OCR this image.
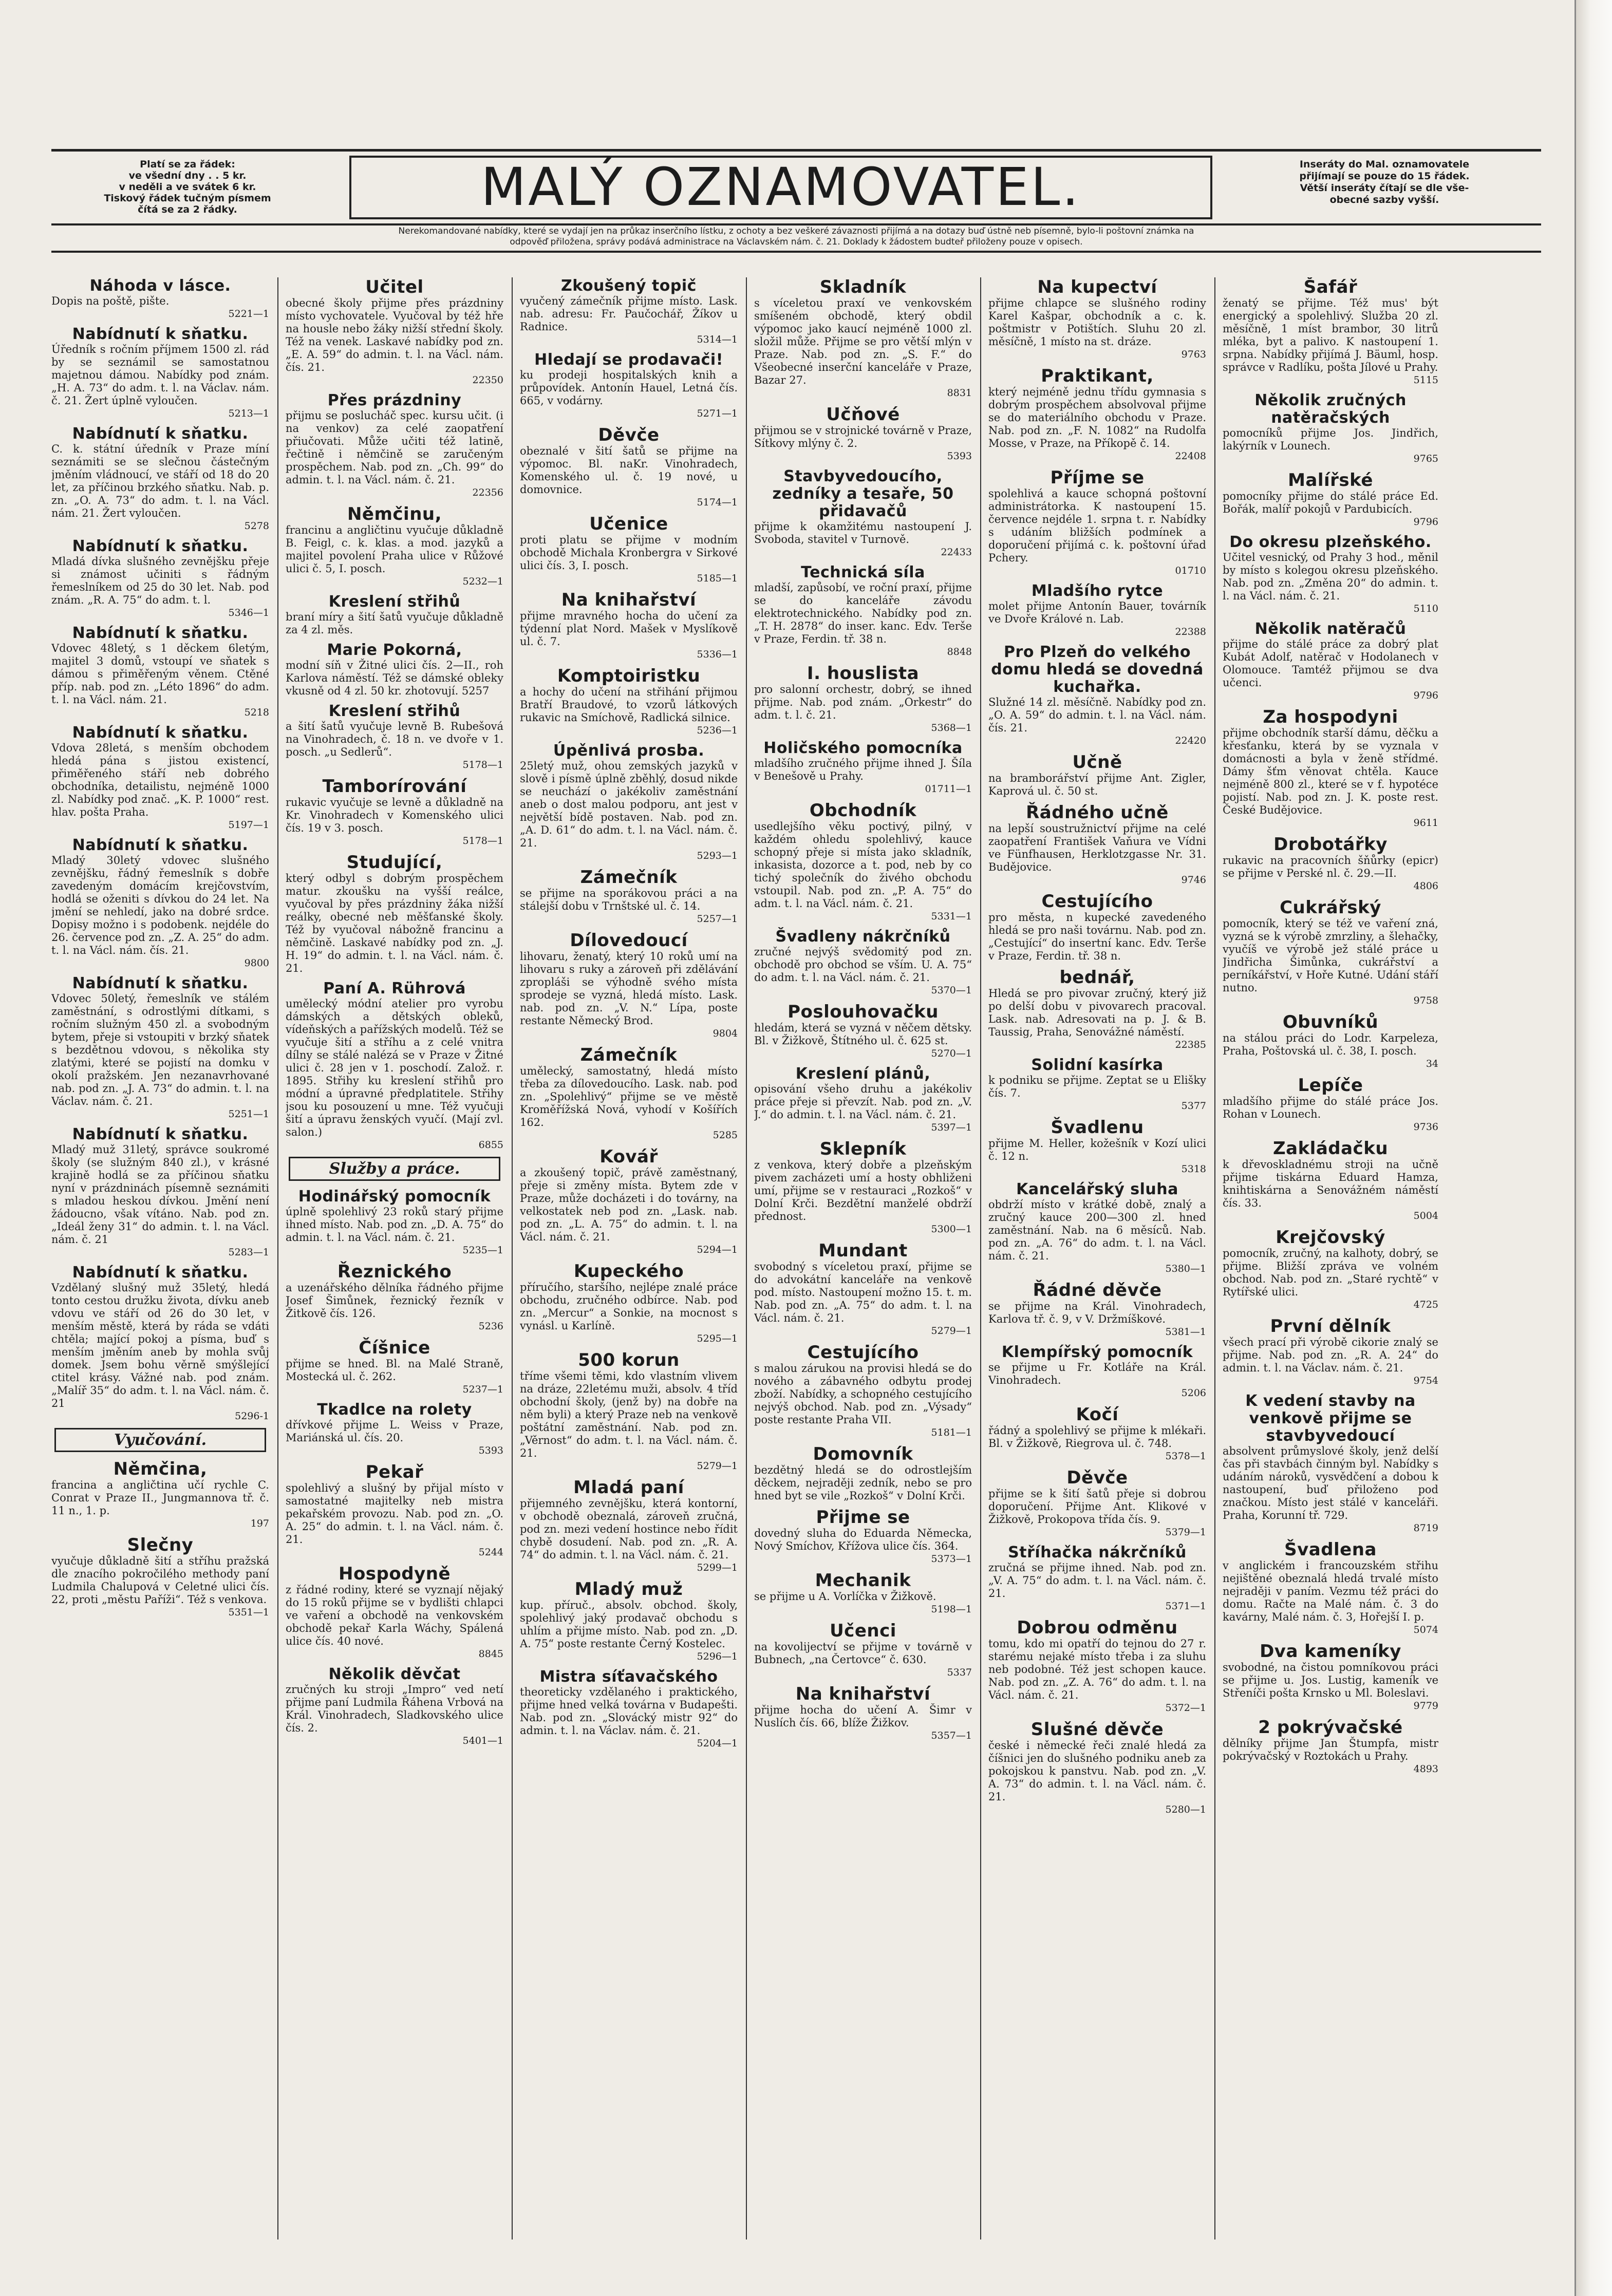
Platí se za řádek:
ve všední dny . . 5 kr.
v neděli a ve svátek 6 kr.
Tiskový řádek tučným písmem
čítá se za 2 řádky.	MALÝ OZNAMOVATEL.	Inseráty do Mal. oznamovatele
přijímají se pouze do 15 řádek.
Větší inseráty čítají se dle vše-
obecné sazby vyšší.
Nerekomandované nabídky, které se vydají jen na průkaz inserčního lístku, z ochoty a bez veškeré závaznosti přijímá a na dotazy buď ústně neb písemně, bylo-li poštovní známka na
odpověď přiložena, správy podává administrace na Václavském nám. č. 21. Doklady k žádostem budteř přiloženy pouze v opisech.
Náhoda v lásce.

Dopis na poště, pište.

5221—1
Nabídnutí k sňatku.

Úředník s ročním příjmem 1500 zl. rád by se seznámil se samostatnou majetnou dámou. Nabídky pod znám. „H. A. 73“ do adm. t. l. na Václav. nám. č. 21. Žert úplně vyloučen.

5213—1
Nabídnutí k sňatku.

C. k. státní úředník v Praze míní seznámiti se se slečnou částečným jměním vládnoucí, ve stáří od 18 do 20 let, za příčinou brzkého sňatku. Nab. p. zn. „O. A. 73“ do adm. t. l. na Václ. nám. 21. Žert vyloučen.

5278
Nabídnutí k sňatku.

Mladá dívka slušného zevnějšku přeje si známost učiniti s řádným řemeslníkem od 25 do 30 let. Nab. pod znám. „R. A. 75“ do adm. t. l.

5346—1
Nabídnutí k sňatku.

Vdovec 48letý, s 1 děckem 6letým, majitel 3 domů, vstoupí ve sňatek s dámou s přiměřeným věnem. Ctěné příp. nab. pod zn. „Léto 1896“ do adm. t. l. na Václ. nám. 21.

5218
Nabídnutí k sňatku.

Vdova 28letá, s menším obchodem hledá pána s jistou existencí, přiměřeného stáří neb dobrého obchodníka, detailistu, nejméně 1000 zl. Nabídky pod znač. „K. P. 1000“ rest. hlav. pošta Praha.

5197—1
Nabídnutí k sňatku.

Mladý 30letý vdovec slušného zevnějšku, řádný řemeslník s dobře zavedeným domácím krejčovstvím, hodlá se oženiti s dívkou do 24 let. Na jmění se nehledí, jako na dobré srdce. Dopisy možno i s podobenk. nejdéle do 26. července pod zn. „Z. A. 25“ do adm. t. l. na Václ. nám. čís. 21.

9800
Nabídnutí k sňatku.

Vdovec 50letý, řemeslník ve stálém zaměstnání, s odrostlými dítkami, s ročním služným 450 zl. a svobodným bytem, přeje si vstoupiti v brzký sňatek s bezdětnou vdovou, s několika sty zlatými, které se pojistí na domku v okolí pražském. Jen nezanavrhované nab. pod zn. „J. A. 73“ do admin. t. l. na Václav. nám. č. 21.

5251—1
Nabídnutí k sňatku.

Mladý muž 31letý, správce soukromé školy (se služným 840 zl.), v krásné krajině hodlá se za příčinou sňatku nyní v prázdninách písemně seznámiti s mladou heskou dívkou. Jmění není žádoucno, však vítáno. Nab. pod zn. „Ideál ženy 31“ do admin. t. l. na Václ. nám. č. 21

5283—1
Nabídnutí k sňatku.

Vzdělaný slušný muž 35letý, hledá tonto cestou družku života, dívku aneb vdovu ve stáří od 26 do 30 let, v menším městě, která by ráda se vdáti chtěla; mající pokoj a písma, buď s menším jměním aneb by mohla svůj domek. Jsem bohu věrně smýšlející ctitel krásy. Vážné nab. pod znám. „Malíř 35“ do adm. t. l. na Václ. nám. č. 21

5296-1
Vyučování.
Němčina,

francina a angličtina učí rychle C. Conrat v Praze II., Jungmannova tř. č. 11 n., 1. p.

197
Slečny

vyučuje důkladně šití a stříhu pražská dle znacího pokročilého methody paní Ludmila Chalupová v Celetné ulici čís. 22, proti „městu Paříži“. Též s venkova.

5351—1
Učitel

obecné školy přijme přes prázdniny místo vychovatele. Vyučoval by též hře na housle nebo žáky nižší střední školy. Též na venek. Laskavé nabídky pod zn. „E. A. 59“ do admin. t. l. na Václ. nám. čís. 21.

22350
Přes prázdniny

přijmu se poslucháč spec. kursu učit. (i na venkov) za celé zaopatření přiučovati. Může učiti též latině, řečtině i němčině se zaručeným prospěchem. Nab. pod zn. „Ch. 99“ do admin. t. l. na Václ. nám. č. 21.

22356
Němčinu,

francinu a angličtinu vyučuje důkladně B. Feigl, c. k. klas. a mod. jazyků a majitel povolení Praha ulice v Růžové ulici č. 5, I. posch.

5232—1
Kreslení střihů

braní míry a šití šatů vyučuje důkladně za 4 zl. měs.

Marie Pokorná,

modní síň v Žitné ulici čís. 2—II., roh Karlova náměstí. Též se dámské obleky vkusně od 4 zl. 50 kr. zhotovují. 5257

Kreslení střihů

a šití šatů vyučuje levně B. Rubešová na Vinohradech, č. 18 n. ve dvoře v 1. posch. „u Sedlerů“.

5178—1
Tamborírování

rukavic vyučuje se levně a důkladně na Kr. Vinohradech v Komenského ulici čís. 19 v 3. posch.

5178—1
Studující,

který odbyl s dobrým prospěchem matur. zkoušku na vyšší reálce, vyučoval by přes prázdniny žáka nižší reálky, obecné neb měšťanské školy. Též by vyučoval nábožně francinu a němčině. Laskavé nabídky pod zn. „J. H. 19“ do admin. t. l. na Václ. nám. č. 21.

Paní A. Rührová

umělecký módní atelier pro vyrobu dámských a dětských obleků, vídeňských a pařížských modelů. Též se vyučuje šití a stříhu a z celé vnitra dílny se stálé nalézá se v Praze v Žitné ulici č. 28 jen v 1. poschodí. Založ. r. 1895. Střihy ku kreslení střihů pro módní a úpravné předplatitele. Střihy jsou ku posouzení u mne. Též vyučuji šití a úpravu ženských vyučí. (Mají zvl. salon.)

6855
Služby a práce.
Hodinářský pomocník

úplně spolehlivý 23 roků starý přijme ihned místo. Nab. pod zn. „D. A. 75“ do admin. t. l. na Václ. nám. č. 21.

5235—1
Řeznického

a uzenářského dělníka řádného přijme Josef Šimůnek, řeznický řezník v Žitkově čís. 126.

5236
Číšnice

přijme se hned. Bl. na Malé Straně, Mostecká ul. č. 262.

5237—1
Tkadlce na rolety

dřívkové přijme L. Weiss v Praze, Mariánská ul. čís. 20.

5393
Pekař

spolehlivý a slušný by přijal místo v samostatné majitelky neb mistra pekařském provozu. Nab. pod zn. „O. A. 25“ do admin. t. l. na Václ. nám. č. 21.

5244
Hospodyně

z řádné rodiny, které se vyznají nějaký do 15 roků přijme se v bydlišti chlapci ve vaření a obchodě na venkovském obchodě pekař Karla Wáchy, Spálená ulice čís. 40 nové.

8845
Několik děvčat

zručných ku stroji „Impro“ ved netí přijme paní Ludmila Řáhena Vrbová na Král. Vinohradech, Sladkovského ulice čís. 2.

5401—1
Zkoušený topič

vyučený zámečník přijme místo. Lask. nab. adresu: Fr. Paučochář, Žíkov u Radnice.

5314—1
Hledají se prodavači!

ku prodeji hospitalských knih a průpovídek. Antonín Hauel, Letná čís. 665, v vodárny.

5271—1
Děvče

obeznalé v šití šatů se přijme na výpomoc. Bl. naKr. Vinohradech, Komenského ul. č. 19 nové, u domovnice.

5174—1
Učenice

proti platu se přijme v modním obchodě Michala Kronbergra v Sirkové ulici čís. 3, I. posch.

5185—1
Na knihařství

přijme mravného hocha do učení za týdenní plat Nord. Mašek v Myslíkově ul. č. 7.

5336—1
Komptoiristku

a hochy do učení na střihání přijmou Bratří Braudové, to vzorů látkových rukavic na Smíchově, Radlická silnice.

5236—1
Úpěnlivá prosba.

25letý muž, ohou zemských jazyků v slově i písmě úplně zběhlý, dosud nikde se neuchází o jakékoliv zaměstnání aneb o dost malou podporu, ant jest v největší bídě postaven. Nab. pod zn. „A. D. 61“ do adm. t. l. na Václ. nám. č. 21.

5293—1
Zámečník

se přijme na sporákovou práci a na stálejší dobu v Trnštské ul. č. 14.

5257—1
Dílovedoucí

lihovaru, ženatý, který 10 roků umí na lihovaru s ruky a zároveň při zdělávání zpropláši se výhodně svého místa sprodeje se vyzná, hledá místo. Lask. nab. pod zn. „V. N.“ Lípa, poste restante Německý Brod.

9804
Zámečník

umělecký, samostatný, hledá místo třeba za dílovedoucího. Lask. nab. pod zn. „Spolehlivý“ přijme se ve městě Kroměřížská Nová, vyhodí v Košířích 162.

5285
Kovář

a zkoušený topič, právě zaměstnaný, přeje si změny místa. Bytem zde v Praze, může docházeti i do továrny, na velkostatek neb pod zn. „Lask. nab. pod zn. „L. A. 75“ do admin. t. l. na Václ. nám. č. 21.

5294—1
Kupeckého

příručího, staršího, nejlépe znalé práce obchodu, zručného odbírce. Nab. pod zn. „Mercur“ a Sonkie, na mocnost s vynásl. u Karlíně.

5295—1
500 korun

tříme všemi těmi, kdo vlastním vlivem na dráze, 22letému muži, absolv. 4 tříd obchodní školy, (jenž by) na dobře na něm byli) a který Praze neb na venkově poštátní zaměstnání. Nab. pod zn. „Věrnost“ do adm. t. l. na Václ. nám. č. 21.

5279—1
Mladá paní

přijemného zevnějšku, která kontorní, v obchodě obeznalá, zároveň zručná, pod zn. mezi vedení hostince nebo řídit chybě dosudení. Nab. pod zn. „R. A. 74“ do admin. t. l. na Václ. nám. č. 21.

5299—1
Mladý muž

kup. příruč., absolv. obchod. školy, spolehlivý jaký prodavač obchodu s uhlím a přijme místo. Nab. pod zn. „D. A. 75“ poste restante Černý Kostelec.

5296—1
Mistra síťavačského

theoreticky vzdělaného i praktického, přijme hned velká továrna v Budapešti. Nab. pod zn. „Slovácký mistr 92“ do admin. t. l. na Václav. nám. č. 21.

5204—1
Skladník

s víceletou praxí ve venkovském smíšeném obchodě, který obdil výpomoc jako kaucí nejméně 1000 zl. složil může. Přijme se pro větší mlýn v Praze. Nab. pod zn. „S. F.“ do Všeobecné inserční kanceláře v Praze, Bazar 27.

8831
Učňové

přijmou se v strojnické továrně v Praze, Sítkovy mlýny č. 2.

5393
Stavbyvedoucího, zedníky a tesaře, 50 přidavačů

přijme k okamžitému nastoupení J. Svoboda, stavitel v Turnově.

22433
Technická síla

mladší, zapůsobí, ve roční praxí, přijme se do kanceláře závodu elektrotechnického. Nabídky pod zn. „T. H. 2878“ do inser. kanc. Edv. Terše v Praze, Ferdin. tř. 38 n.

8848
I. houslista

pro salonní orchestr, dobrý, se ihned přijme. Nab. pod znám. „Orkestr“ do adm. t. l. č. 21.

5368—1
Holičského pomocníka

mladšího zručného přijme ihned J. Šíla v Benešově u Prahy.

01711—1
Obchodník

usedlejšího věku poctivý, pilný, v každém ohledu spolehlivý, kauce schopný přeje si místa jako skladník, inkasista, dozorce a t. pod, neb by co tichý společník do živého obchodu vstoupil. Nab. pod zn. „P. A. 75“ do adm. t. l. na Václ. nám. č. 21.

5331—1
Švadleny nákrčníků

zručné nejvýš svědomitý pod zn. obchodě pro obchod se vším. U. A. 75“ do adm. t. l. na Václ. nám. č. 21.

5370—1
Poslouhovačku

hledám, která se vyzná v něčem dětsky. Bl. v Žižkově, Štítného ul. č. 625 st.

5270—1
Kreslení plánů,

opisování všeho druhu a jakékoliv práce přeje si převzít. Nab. pod zn. „V. J.“ do admin. t. l. na Václ. nám. č. 21.

5397—1
Sklepník

z venkova, který dobře a plzeňským pivem zacházeti umí a hosty obhliženi umí, přijme se v restauraci „Rozkoš“ v Dolní Krči. Bezdětní manželé obdrží přednost.

5300—1
Mundant

svobodný s víceletou praxí, přijme se do advokátní kanceláře na venkově pod. místo. Nastoupení možno 15. t. m. Nab. pod zn. „A. 75“ do adm. t. l. na Václ. nám. č. 21.

5279—1
Cestujícího

s malou zárukou na provisi hledá se do nového a zábavného odbytu prodej zboží. Nabídky, a schopného cestujícího nejvýš obchod. Nab. pod zn. „Výsady“ poste restante Praha VII.

5181—1
Domovník

bezdětný hledá se do odrostlejším děckem, nejraději zedník, nebo se pro hned byt se vile „Rozkoš“ v Dolní Krči.

Přijme se

dovedný sluha do Eduarda Německa, Nový Smíchov, Křížova ulice čís. 364.

5373—1
Mechanik

se přijme u A. Vorlíčka v Žižkově.

5198—1
Učenci

na kovolijectví se přijme v továrně v Bubnech, „na Čertovce“ č. 630.

5337
Na knihařství

přijme hocha do učení A. Šimr v Nuslích čís. 66, blíže Žižkov.

5357—1
Na kupectví

přijme chlapce se slušného rodiny Karel Kašpar, obchodník a c. k. poštmistr v Potištích. Sluhu 20 zl. měsíčně, 1 místo na st. dráze.

9763
Praktikant,

který nejméně jednu třídu gymnasia s dobrým prospěchem absolvoval přijme se do materiálního obchodu v Praze. Nab. pod zn. „F. N. 1082“ na Rudolfa Mosse, v Praze, na Příkopě č. 14.

22408
Příjme se

spolehlivá a kauce schopná poštovní administrátorka. K nastoupení 15. července nejdéle 1. srpna t. r. Nabídky s udáním bližších podmínek a doporučení přijímá c. k. poštovní úřad Pchery.

01710
Mladšího rytce

molet přijme Antonín Bauer, továrník ve Dvoře Králové n. Lab.

22388
Pro Plzeň do velkého domu hledá se dovedná kuchařka.

Služné 14 zl. měsíčně. Nabídky pod zn. „O. A. 59“ do admin. t. l. na Václ. nám. čís. 21.

22420
Učně

na bramborářství přijme Ant. Zigler, Kaprová ul. č. 50 st.

Řádného učně

na lepší soustružnictví přijme na celé zaopatření František Vaňura ve Vídni ve Fünfhausen, Herklotzgasse Nr. 31. Budějovice.

9746
Cestujícího

pro města, n kupecké zavedeného hledá se pro naši továrnu. Nab. pod zn. „Cestující“ do insertní kanc. Edv. Terše v Praze, Ferdin. tř. 38 n.

bednář,

Hledá se pro pivovar zručný, který již po delší dobu v pivovarech pracoval. Lask. nab. Adresovati na p. J. & B. Taussig, Praha, Senovážné náměstí.

22385
Solidní kasírka

k podniku se přijme. Zeptat se u Elišky čís. 7.

5377
Švadlenu

přijme M. Heller, kožešník v Kozí ulici č. 12 n.

5318
Kancelářský sluha

obdrží místo v krátké době, znalý a zručný kauce 200—300 zl. hned zaměstnání. Nab. na 6 měsíců. Nab. pod zn. „A. 76“ do adm. t. l. na Václ. nám. č. 21.

5380—1
Řádné děvče

se přijme na Král. Vinohradech, Karlova tř. č. 9, v V. Držmíškové.

5381—1
Klempířský pomocník

se přijme u Fr. Kotláře na Král. Vinohradech.

5206
Kočí

řádný a spolehlivý se přijme k mlékaři. Bl. v Žižkově, Riegrova ul. č. 748.

5378—1
Děvče

přijme se k šití šatů přeje si dobrou doporučení. Přijme Ant. Klikové v Žižkově, Prokopova třída čís. 9.

5379—1
Stříhačka nákrčníků

zručná se přijme ihned. Nab. pod zn. „V. A. 75“ do adm. t. l. na Václ. nám. č. 21.

5371—1
Dobrou odměnu

tomu, kdo mi opatří do tejnou do 27 r. starému nejaké místo třeba i za sluhu neb podobné. Též jest schopen kauce. Nab. pod zn. „Z. A. 76“ do adm. t. l. na Václ. nám. č. 21.

5372—1
Slušné děvče

české i německé řeči znalé hledá za číšnici jen do slušného podniku aneb za pokojskou k panstvu. Nab. pod zn. „V. A. 73“ do admin. t. l. na Václ. nám. č. 21.

5280—1
Šafář

ženatý se přijme. Též mus' být energický a spolehlivý. Služba 20 zl. měsíčně, 1 míst brambor, 30 litrů mléka, byt a palivo. K nastoupení 1. srpna. Nabídky přijímá J. Bäuml, hosp. správce v Radlíku, pošta Jílové u Prahy.

5115
Několik zručných natěračských

pomocníků přijme Jos. Jindřich, lakýrník v Lounech.

9765
Malířské

pomocníky přijme do stálé práce Ed. Bořák, malíř pokojů v Pardubicích.

9796
Do okresu plzeňského.

Učitel vesnický, od Prahy 3 hod., měnil by místo s kolegou okresu plzeňského. Nab. pod zn. „Změna 20“ do admin. t. l. na Václ. nám. č. 21.

5110
Několik natěračů

přijme do stálé práce za dobrý plat Kubát Adolf, natěrač v Hodolanech v Olomouce. Tamtéž přijmou se dva učenci.

9796
Za hospodyni

přijme obchodník starší dámu, děčku a křesťanku, která by se vyznala v domácnosti a byla v ženě střídmé. Dámy šťm věnovat chtěla. Kauce nejméně 800 zl., které se v f. hypotéce pojistí. Nab. pod zn. J. K. poste rest. České Budějovice.

9611
Drobotářky

rukavic na pracovních šňůrky (epicr) se přijme v Perské nl. č. 29.—II.

4806
Cukrářský

pomocník, který se též ve vaření zná, vyzná se k výrobě zmrzliny, a šlehačky, vyučíš ve výrobě jež stálé práce u Jindřicha Šimůnka, cukrářství a perníkářství, v Hoře Kutné. Udání stáří nutno.

9758
Obuvníků

na stálou práci do Lodr. Karpeleza, Praha, Poštovská ul. č. 38, I. posch.

34
Lepíče

mladšího přijme do stálé práce Jos. Rohan v Lounech.

9736
Zakládačku

k dřevoskladnému stroji na učně přijme tiskárna Eduard Hamza, knihtiskárna a Senovážném náměstí čís. 33.

5004
Krejčovský

pomocník, zručný, na kalhoty, dobrý, se přijme. Bližší zpráva ve volném obchod. Nab. pod zn. „Staré rychtě“ v Rytířské ulici.

4725
První dělník

všech prací při výrobě cikorie znalý se přijme. Nab. pod zn. „R. A. 24“ do admin. t. l. na Václav. nám. č. 21.

9754
K vedení stavby na venkově přijme se stavbyvedoucí

absolvent průmyslové školy, jenž delší čas při stavbách činným byl. Nabídky s udáním nároků, vysvědčení a dobou k nastoupení, buď přiloženo pod značkou. Místo jest stálé v kanceláři. Praha, Korunní tř. 729.

8719
Švadlena

v anglickém i francouzském střihu nejištěné obeznalá hledá trvalé místo nejraději v paním. Vezmu též práci do domu. Račte na Malé nám. č. 3 do kavárny, Malé nám. č. 3, Hořejší I. p.

5074
Dva kameníky

svobodné, na čistou pomníkovou práci se přijme u. Jos. Lustig, kameník ve Střeníči pošta Krnsko u Ml. Boleslavi.

9779
2 pokrývačské

dělníky přijme Jan Štumpfa, mistr pokrývačský v Roztokách u Prahy.

4893
